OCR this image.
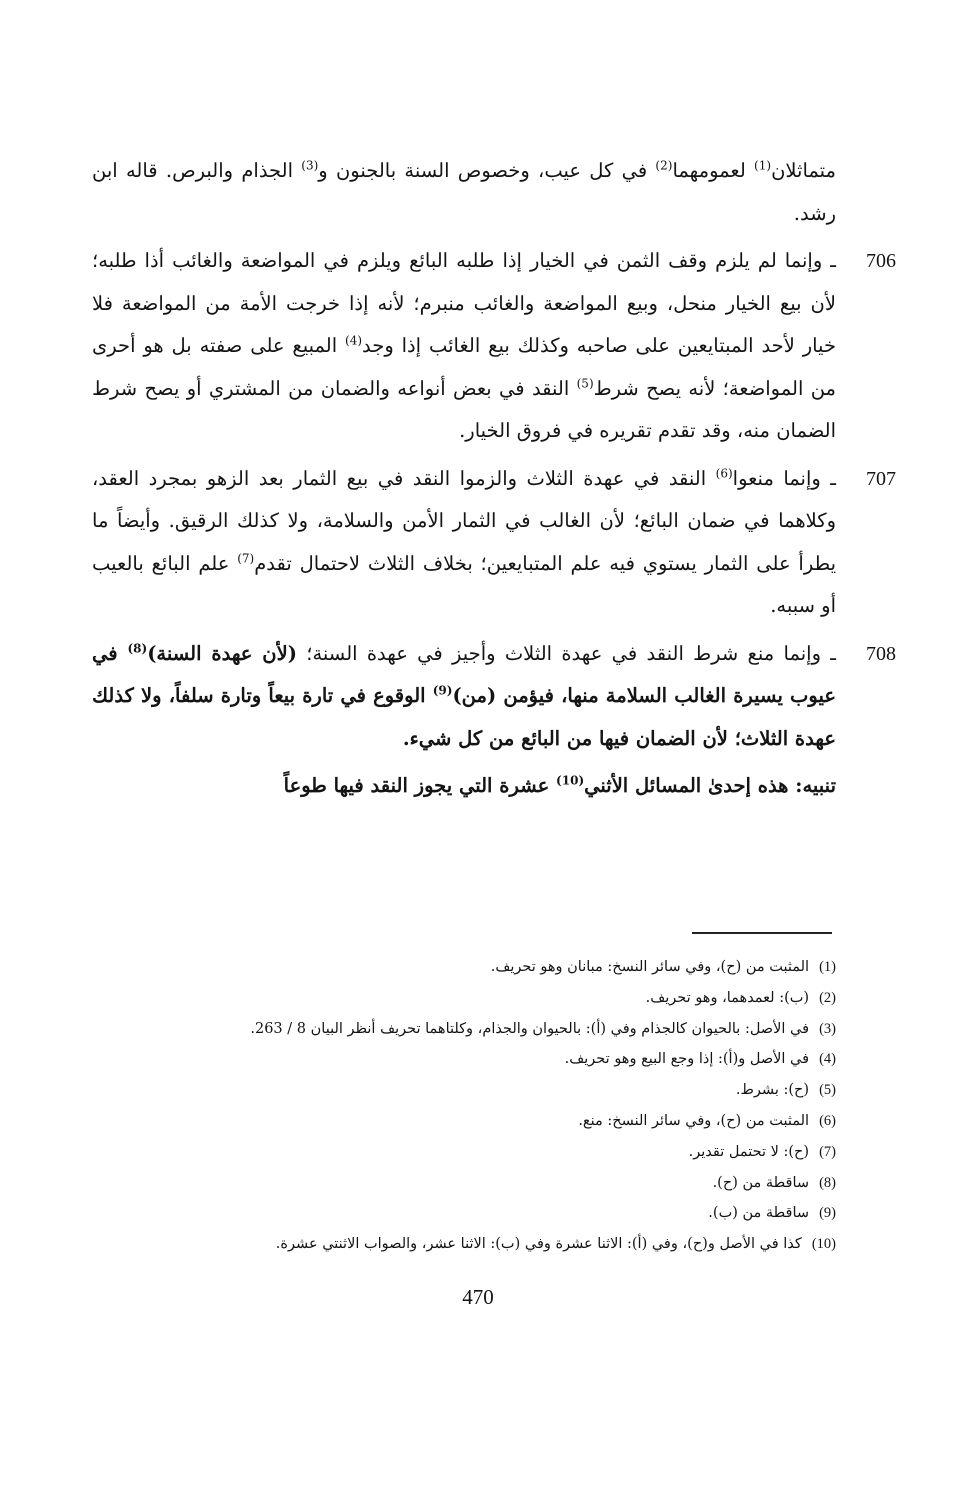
متماثلان$^{(1)}$ لعمومهما$^{(2)}$ في كل عيب، وخصوص السنة بالجنون و$^{(3)}$ الجذام والبرص. قاله ابن رشد.

706
ـ وإنما لم يلزم وقف الثمن في الخيار إذا طلبه البائع ويلزم في المواضعة والغائب أذا طلبه؛ لأن بيع الخيار منحل، وبيع المواضعة والغائب منبرم؛ لأنه إذا خرجت الأمة من المواضعة فلا خيار لأحد المبتايعين على صاحبه وكذلك بيع الغائب إذا وجد$^{(4)}$ المبيع على صفته بل هو أحرى من المواضعة؛ لأنه يصح شرط$^{(5)}$ النقد في بعض أنواعه والضمان من المشتري أو يصح شرط الضمان منه، وقد تقدم تقريره في فروق الخيار.

707
ـ وإنما منعوا$^{(6)}$ النقد في عهدة الثلاث والزموا النقد في بيع الثمار بعد الزهو بمجرد العقد، وكلاهما في ضمان البائع؛ لأن الغالب في الثمار الأمن والسلامة، ولا كذلك الرقيق. وأيضاً ما يطرأ على الثمار يستوي فيه علم المتبايعين؛ بخلاف الثلاث لاحتمال تقدم$^{(7)}$ علم البائع بالعيب أو سببه.

708
ـ وإنما منع شرط النقد في عهدة الثلاث وأجيز في عهدة السنة؛ (لأن عهدة السنة)$^{(8)}$ في عيوب يسيرة الغالب السلامة منها، فيؤمن (من)$^{(9)}$ الوقوع في تارة بيعاً وتارة سلفاً، ولا كذلك عهدة الثلاث؛ لأن الضمان فيها من البائع من كل شيء.

تنبيه: هذه إحدىٰ المسائل الأثني$^{(10)}$ عشرة التي يجوز النقد فيها طوعاً

(1)المثبت من (ح)، وفي سائر النسخ: مبانان وهو تحريف.
(2)(ب): لعمدهما، وهو تحريف.
(3)في الأصل: بالحيوان كالجذام وفي (أ): بالحيوان والجذام، وكلتاهما تحريف أنظر البيان 8 / 263.
(4)في الأصل و(أ): إذا وجع البيع وهو تحريف.
(5)(ح): بشرط.
(6)المثبت من (ح)، وفي سائر النسخ: منع.
(7)(ح): لا تحتمل تقدير.
(8)ساقطة من (ح).
(9)ساقطة من (ب).
(10)كذا في الأصل و(ح)، وفي (أ): الاثنا عشرة وفي (ب): الاثنا عشر، والصواب الاثنتي عشرة.
470
